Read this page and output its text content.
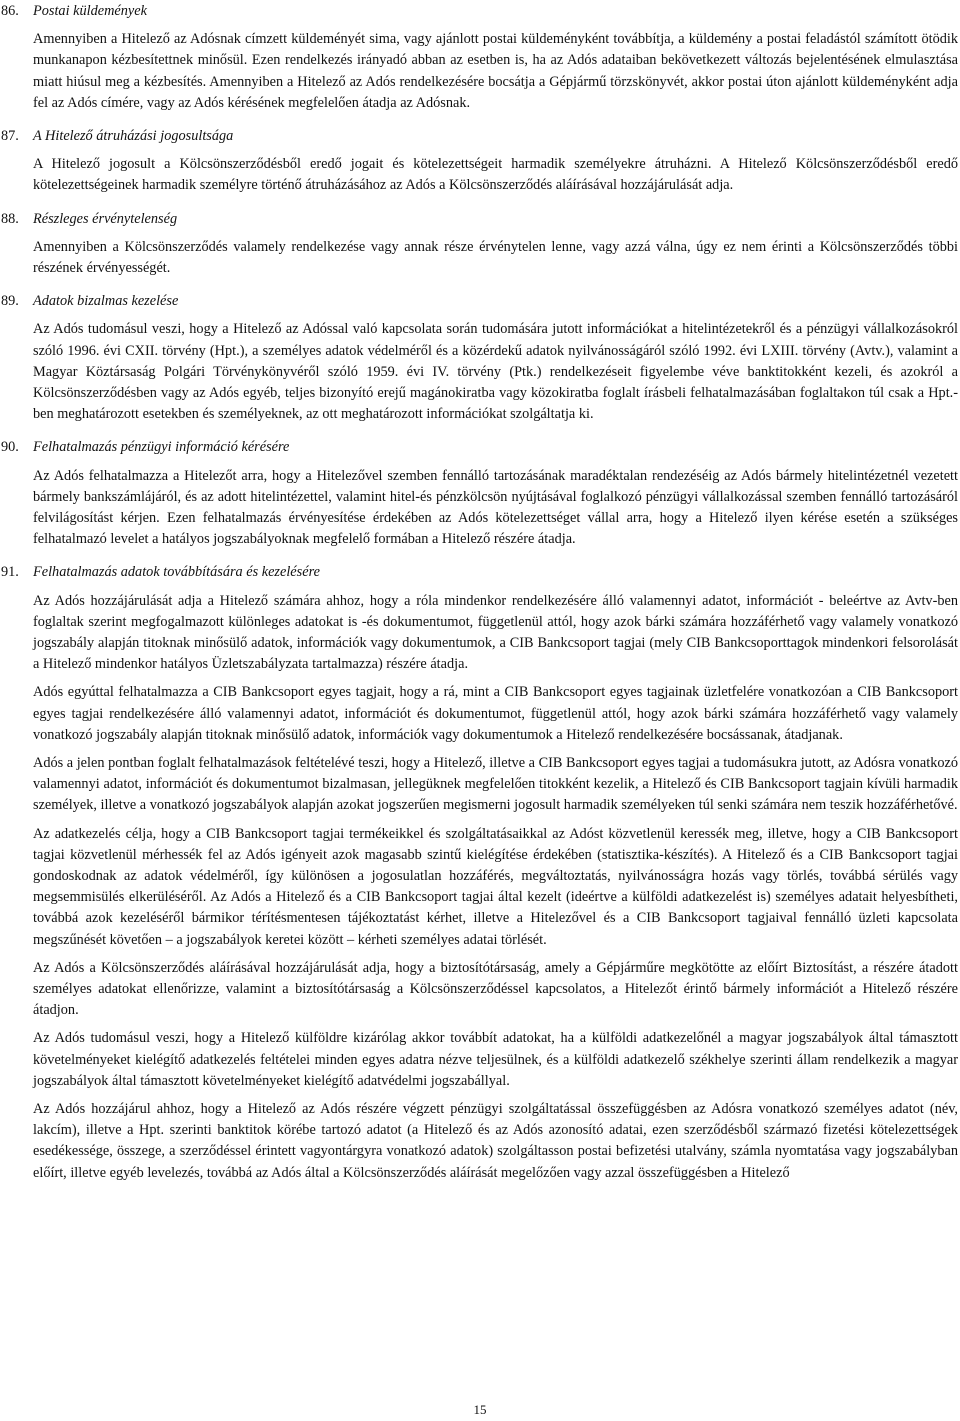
86. Postai küldemények

Amennyiben a Hitelező az Adósnak címzett küldeményét sima, vagy ajánlott postai küldeményként továbbítja, a küldemény a postai feladástól számított ötödik munkanapon kézbesítettnek minősül. Ezen rendelkezés irányadó abban az esetben is, ha az Adós adataiban bekövetkezett változás bejelentésének elmulasztása miatt hiúsul meg a kézbesítés. Amennyiben a Hitelező az Adós rendelkezésére bocsátja a Gépjármű törzskönyvét, akkor postai úton ajánlott küldeményként adja fel az Adós címére, vagy az Adós kérésének megfelelően átadja az Adósnak.

87. A Hitelező átruházási jogosultsága

A Hitelező jogosult a Kölcsönszerződésből eredő jogait és kötelezettségeit harmadik személyekre átruházni. A Hitelező Kölcsönszerződésből eredő kötelezettségeinek harmadik személyre történő átruházásához az Adós a Kölcsönszerződés aláírásával hozzájárulását adja.

88. Részleges érvénytelenség

Amennyiben a Kölcsönszerződés valamely rendelkezése vagy annak része érvénytelen lenne, vagy azzá válna, úgy ez nem érinti a Kölcsönszerződés többi részének érvényességét.

89. Adatok bizalmas kezelése

Az Adós tudomásul veszi, hogy a Hitelező az Adóssal való kapcsolata során tudomására jutott információkat a hitelintézetekről és a pénzügyi vállalkozásokról szóló 1996. évi CXII. törvény (Hpt.), a személyes adatok védelméről és a közérdekű adatok nyilvánosságáról szóló 1992. évi LXIII. törvény (Avtv.), valamint a Magyar Köztársaság Polgári Törvénykönyvéről szóló 1959. évi IV. törvény (Ptk.) rendelkezéseit figyelembe véve banktitokként kezeli, és azokról a Kölcsönszerződésben vagy az Adós egyéb, teljes bizonyító erejű magánokiratba vagy közokiratba foglalt írásbeli felhatalmazásában foglaltakon túl csak a Hpt.-ben meghatározott esetekben és személyeknek, az ott meghatározott információkat szolgáltatja ki.

90. Felhatalmazás pénzügyi információ kérésére

Az Adós felhatalmazza a Hitelezőt arra, hogy a Hitelezővel szemben fennálló tartozásának maradéktalan rendezéséig az Adós bármely hitelintézetnél vezetett bármely bankszámlájáról, és az adott hitelintézettel, valamint hitel-és pénzkölcsön nyújtásával foglalkozó pénzügyi vállalkozással szemben fennálló tartozásáról felvilágosítást kérjen. Ezen felhatalmazás érvényesítése érdekében az Adós kötelezettséget vállal arra, hogy a Hitelező ilyen kérése esetén a szükséges felhatalmazó levelet a hatályos jogszabályoknak megfelelő formában a Hitelező részére átadja.

91. Felhatalmazás adatok továbbítására és kezelésére

Az Adós hozzájárulását adja a Hitelező számára ahhoz, hogy a róla mindenkor rendelkezésére álló valamennyi adatot, információt - beleértve az Avtv-ben foglaltak szerint megfogalmazott különleges adatokat is -és dokumentumot, függetlenül attól, hogy azok bárki számára hozzáférhető vagy valamely vonatkozó jogszabály alapján titoknak minősülő adatok, információk vagy dokumentumok, a CIB Bankcsoport tagjai (mely CIB Bankcsoporttagok mindenkori felsorolását a Hitelező mindenkor hatályos Üzletszabályzata tartalmazza) részére átadja.

Adós egyúttal felhatalmazza a CIB Bankcsoport egyes tagjait, hogy a rá, mint a CIB Bankcsoport egyes tagjainak üzletfelére vonatkozóan a CIB Bankcsoport egyes tagjai rendelkezésére álló valamennyi adatot, információt és dokumentumot, függetlenül attól, hogy azok bárki számára hozzáférhető vagy valamely vonatkozó jogszabály alapján titoknak minősülő adatok, információk vagy dokumentumok a Hitelező rendelkezésére bocsássanak, átadjanak.

Adós a jelen pontban foglalt felhatalmazások feltételévé teszi, hogy a Hitelező, illetve a CIB Bankcsoport egyes tagjai a tudomásukra jutott, az Adósra vonatkozó valamennyi adatot, információt és dokumentumot bizalmasan, jellegüknek megfelelően titokként kezelik, a Hitelező és CIB Bankcsoport tagjain kívüli harmadik személyek, illetve a vonatkozó jogszabályok alapján azokat jogszerűen megismerni jogosult harmadik személyeken túl senki számára nem teszik hozzáférhetővé.

Az adatkezelés célja, hogy a CIB Bankcsoport tagjai termékeikkel és szolgáltatásaikkal az Adóst közvetlenül keressék meg, illetve, hogy a CIB Bankcsoport tagjai közvetlenül mérhessék fel az Adós igényeit azok magasabb szintű kielégítése érdekében (statisztika-készítés). A Hitelező és a CIB Bankcsoport tagjai gondoskodnak az adatok védelméről, így különösen a jogosulatlan hozzáférés, megváltoztatás, nyilvánosságra hozás vagy törlés, továbbá sérülés vagy megsemmisülés elkerüléséről. Az Adós a Hitelező és a CIB Bankcsoport tagjai által kezelt (ideértve a külföldi adatkezelést is) személyes adatait helyesbítheti, továbbá azok kezeléséről bármikor térítésmentesen tájékoztatást kérhet, illetve a Hitelezővel és a CIB Bankcsoport tagjaival fennálló üzleti kapcsolata megszűnését követően – a jogszabályok keretei között – kérheti személyes adatai törlését.

Az Adós a Kölcsönszerződés aláírásával hozzájárulását adja, hogy a biztosítótársaság, amely a Gépjárműre megkötötte az előírt Biztosítást, a részére átadott személyes adatokat ellenőrizze, valamint a biztosítótársaság a Kölcsönszerződéssel kapcsolatos, a Hitelezőt érintő bármely információt a Hitelező részére átadjon.

Az Adós tudomásul veszi, hogy a Hitelező külföldre kizárólag akkor továbbít adatokat, ha a külföldi adatkezelőnél a magyar jogszabályok által támasztott követelményeket kielégítő adatkezelés feltételei minden egyes adatra nézve teljesülnek, és a külföldi adatkezelő székhelye szerinti állam rendelkezik a magyar jogszabályok által támasztott követelményeket kielégítő adatvédelmi jogszabállyal.

Az Adós hozzájárul ahhoz, hogy a Hitelező az Adós részére végzett pénzügyi szolgáltatással összefüggésben az Adósra vonatkozó személyes adatot (név, lakcím), illetve a Hpt. szerinti banktitok körébe tartozó adatot (a Hitelező és az Adós azonosító adatai, ezen szerződésből származó fizetési kötelezettségek esedékessége, összege, a szerződéssel érintett vagyontárgyra vonatkozó adatok) szolgáltasson postai befizetési utalvány, számla nyomtatása vagy jogszabályban előírt, illetve egyéb levelezés, továbbá az Adós által a Kölcsönszerződés aláírását megelőzően vagy azzal összefüggésben a Hitelező

15
